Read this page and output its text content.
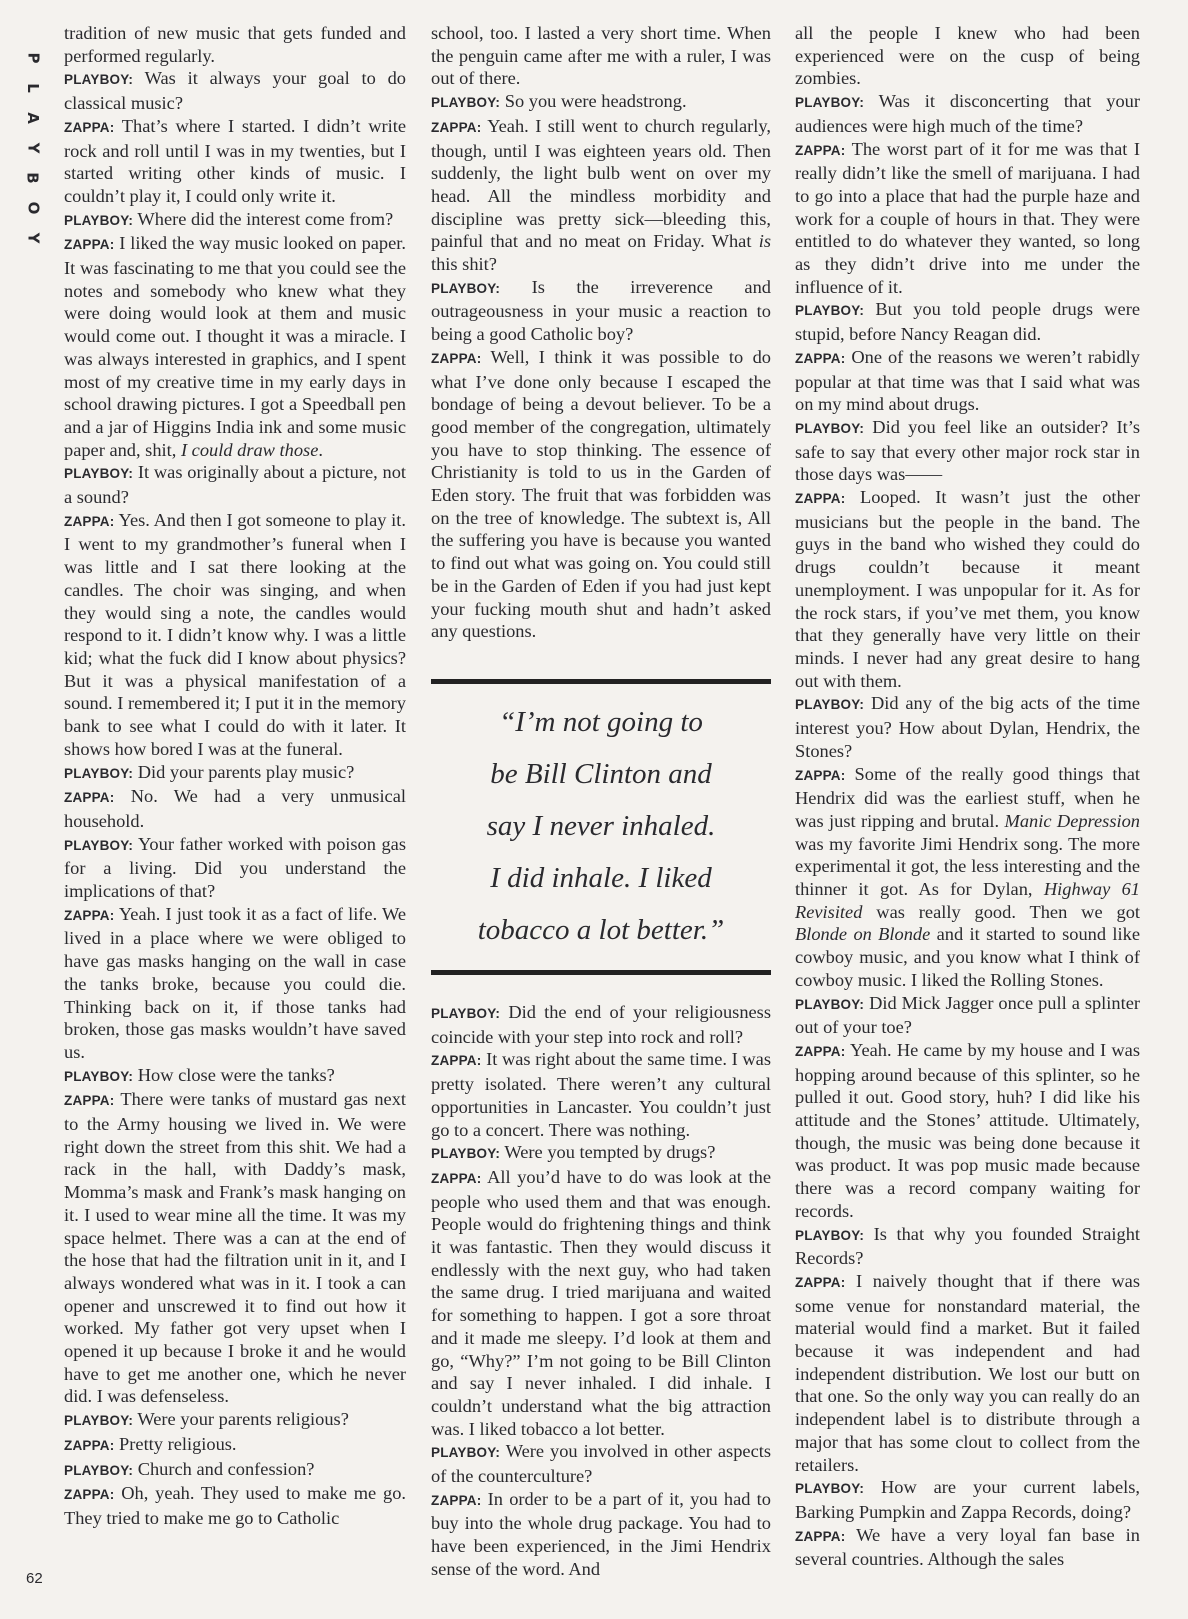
P
L
A
Y
B
O
Y

tradition of new music that gets funded and performed regularly.

PLAYBOY: Was it always your goal to do classical music?

ZAPPA: That’s where I started. I didn’t write rock and roll until I was in my twenties, but I started writing other kinds of music. I couldn’t play it, I could only write it.

PLAYBOY: Where did the interest come from?

ZAPPA: I liked the way music looked on paper. It was fascinating to me that you could see the notes and somebody who knew what they were doing would look at them and music would come out. I thought it was a miracle. I was always interested in graphics, and I spent most of my creative time in my early days in school drawing pictures. I got a Speedball pen and a jar of Higgins India ink and some music paper and, shit, I could draw those.

PLAYBOY: It was originally about a picture, not a sound?

ZAPPA: Yes. And then I got someone to play it. I went to my grandmother’s funeral when I was little and I sat there looking at the candles. The choir was singing, and when they would sing a note, the candles would respond to it. I didn’t know why. I was a little kid; what the fuck did I know about physics? But it was a physical manifestation of a sound. I remembered it; I put it in the memory bank to see what I could do with it later. It shows how bored I was at the funeral.

PLAYBOY: Did your parents play music?

ZAPPA: No. We had a very unmusical household.

PLAYBOY: Your father worked with poison gas for a living. Did you understand the implications of that?

ZAPPA: Yeah. I just took it as a fact of life. We lived in a place where we were obliged to have gas masks hanging on the wall in case the tanks broke, because you could die. Thinking back on it, if those tanks had broken, those gas masks wouldn’t have saved us.

PLAYBOY: How close were the tanks?

ZAPPA: There were tanks of mustard gas next to the Army housing we lived in. We were right down the street from this shit. We had a rack in the hall, with Daddy’s mask, Momma’s mask and Frank’s mask hanging on it. I used to wear mine all the time. It was my space helmet. There was a can at the end of the hose that had the filtration unit in it, and I always wondered what was in it. I took a can opener and unscrewed it to find out how it worked. My father got very upset when I opened it up because I broke it and he would have to get me another one, which he never did. I was defenseless.

PLAYBOY: Were your parents religious?

ZAPPA: Pretty religious.

PLAYBOY: Church and confession?

ZAPPA: Oh, yeah. They used to make me go. They tried to make me go to Catholic

school, too. I lasted a very short time. When the penguin came after me with a ruler, I was out of there.

PLAYBOY: So you were headstrong.

ZAPPA: Yeah. I still went to church regularly, though, until I was eighteen years old. Then suddenly, the light bulb went on over my head. All the mindless morbidity and discipline was pretty sick—bleeding this, painful that and no meat on Friday. What is this shit?

PLAYBOY: Is the irreverence and outrageousness in your music a reaction to being a good Catholic boy?

ZAPPA: Well, I think it was possible to do what I’ve done only because I escaped the bondage of being a devout believer. To be a good member of the congregation, ultimately you have to stop thinking. The essence of Christianity is told to us in the Garden of Eden story. The fruit that was forbidden was on the tree of knowledge. The subtext is, All the suffering you have is because you wanted to find out what was going on. You could still be in the Garden of Eden if you had just kept your fucking mouth shut and hadn’t asked any questions.

“I’m not going to

be Bill Clinton and

say I never inhaled.

I did inhale. I liked

tobacco a lot better.”

PLAYBOY: Did the end of your religiousness coincide with your step into rock and roll?

ZAPPA: It was right about the same time. I was pretty isolated. There weren’t any cultural opportunities in Lancaster. You couldn’t just go to a concert. There was nothing.

PLAYBOY: Were you tempted by drugs?

ZAPPA: All you’d have to do was look at the people who used them and that was enough. People would do frightening things and think it was fantastic. Then they would discuss it endlessly with the next guy, who had taken the same drug. I tried marijuana and waited for something to happen. I got a sore throat and it made me sleepy. I’d look at them and go, “Why?” I’m not going to be Bill Clinton and say I never inhaled. I did inhale. I couldn’t understand what the big attraction was. I liked tobacco a lot better.

PLAYBOY: Were you involved in other aspects of the counterculture?

ZAPPA: In order to be a part of it, you had to buy into the whole drug package. You had to have been experienced, in the Jimi Hendrix sense of the word. And

all the people I knew who had been experienced were on the cusp of being zombies.

PLAYBOY: Was it disconcerting that your audiences were high much of the time?

ZAPPA: The worst part of it for me was that I really didn’t like the smell of marijuana. I had to go into a place that had the purple haze and work for a couple of hours in that. They were entitled to do whatever they wanted, so long as they didn’t drive into me under the influence of it.

PLAYBOY: But you told people drugs were stupid, before Nancy Reagan did.

ZAPPA: One of the reasons we weren’t rabidly popular at that time was that I said what was on my mind about drugs.

PLAYBOY: Did you feel like an outsider? It’s safe to say that every other major rock star in those days was——

ZAPPA: Looped. It wasn’t just the other musicians but the people in the band. The guys in the band who wished they could do drugs couldn’t because it meant unemployment. I was unpopular for it. As for the rock stars, if you’ve met them, you know that they generally have very little on their minds. I never had any great desire to hang out with them.

PLAYBOY: Did any of the big acts of the time interest you? How about Dylan, Hendrix, the Stones?

ZAPPA: Some of the really good things that Hendrix did was the earliest stuff, when he was just ripping and brutal. Manic Depression was my favorite Jimi Hendrix song. The more experimental it got, the less interesting and the thinner it got. As for Dylan, Highway 61 Revisited was really good. Then we got Blonde on Blonde and it started to sound like cowboy music, and you know what I think of cowboy music. I liked the Rolling Stones.

PLAYBOY: Did Mick Jagger once pull a splinter out of your toe?

ZAPPA: Yeah. He came by my house and I was hopping around because of this splinter, so he pulled it out. Good story, huh? I did like his attitude and the Stones’ attitude. Ultimately, though, the music was being done because it was product. It was pop music made because there was a record company waiting for records.

PLAYBOY: Is that why you founded Straight Records?

ZAPPA: I naively thought that if there was some venue for nonstandard material, the material would find a market. But it failed because it was independent and had independent distribution. We lost our butt on that one. So the only way you can really do an independent label is to distribute through a major that has some clout to collect from the retailers.

PLAYBOY: How are your current labels, Barking Pumpkin and Zappa Records, doing?

ZAPPA: We have a very loyal fan base in several countries. Although the sales

62
